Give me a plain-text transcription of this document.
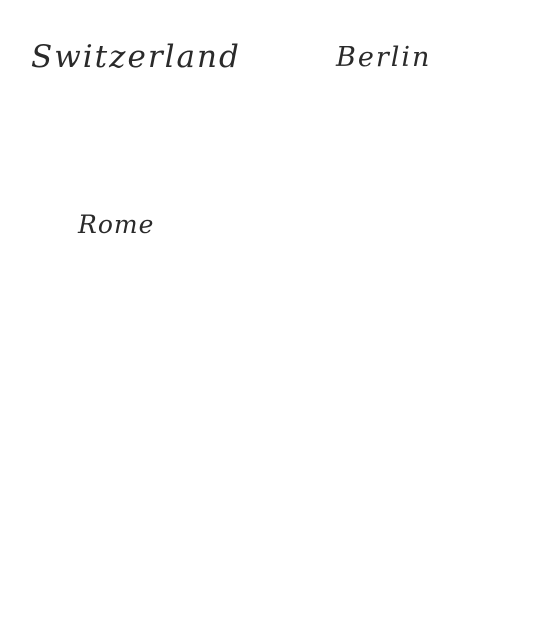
Switzerland	Berlin

Rome
